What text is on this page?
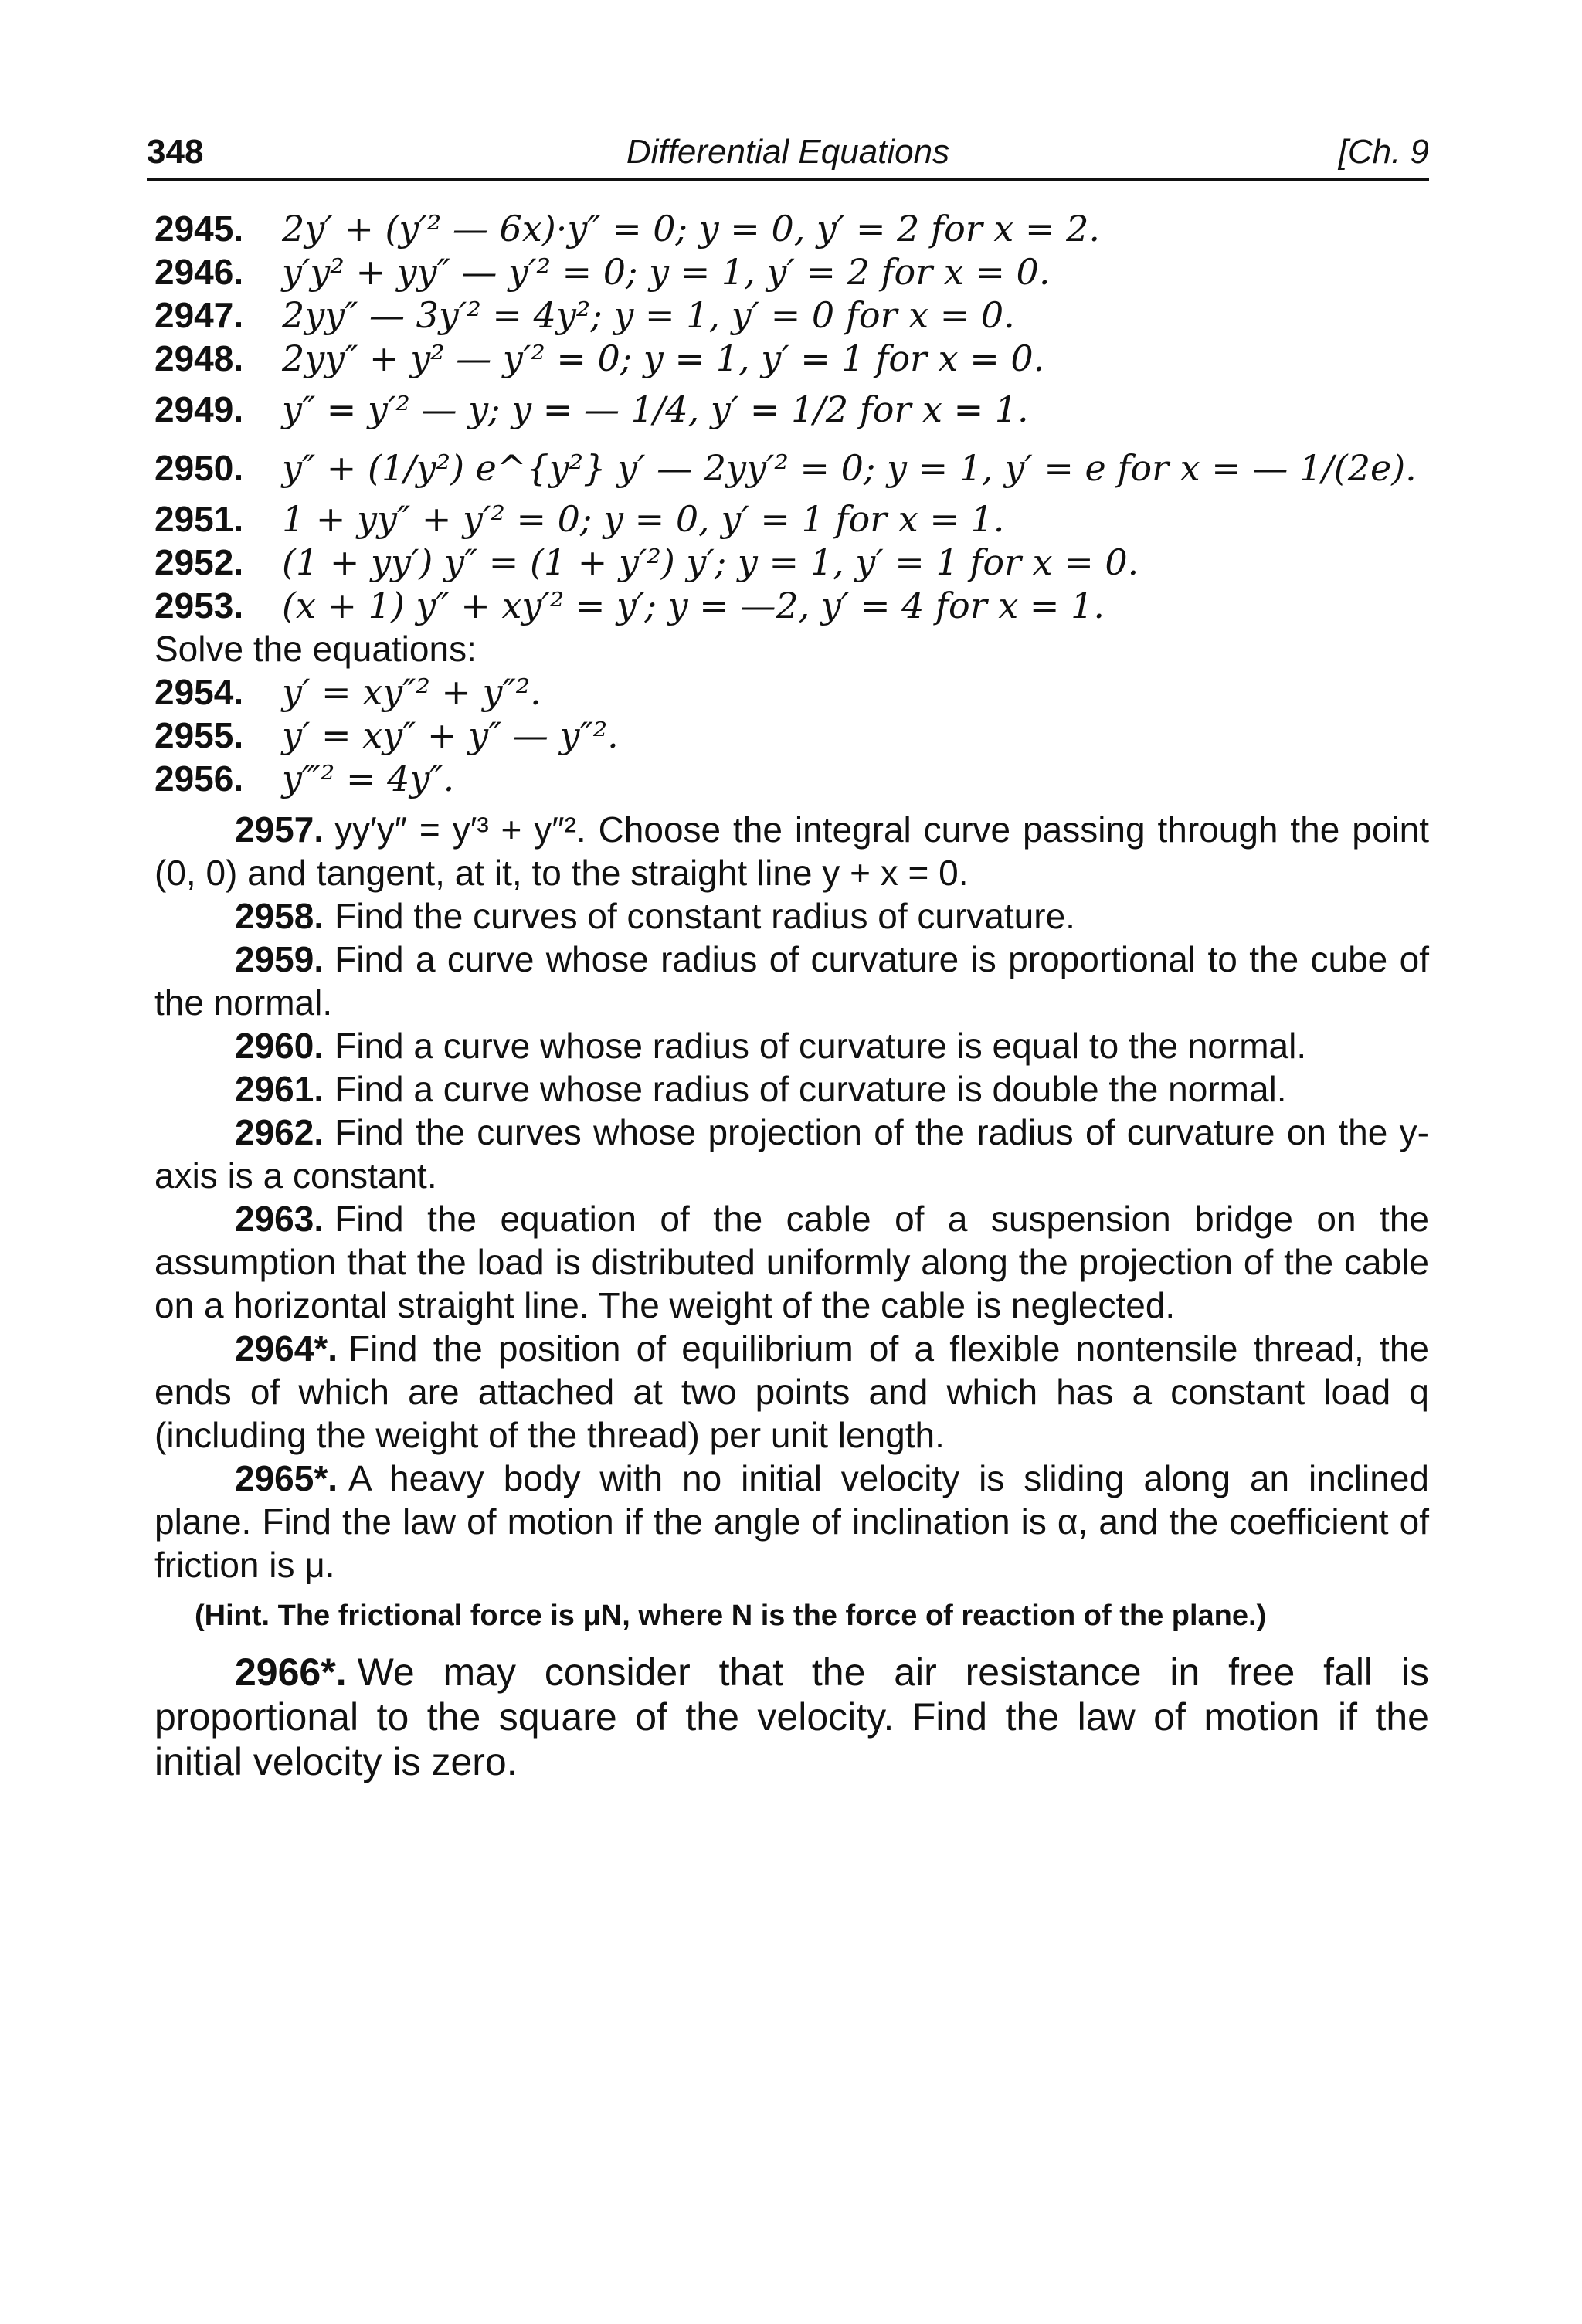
348	Differential Equations	[Ch. 9
2945. 2y′ + (y′² — 6x)·y″ = 0; y = 0, y′ = 2 for x = 2.
2946. y′y² + yy″ — y′² = 0; y = 1, y′ = 2 for x = 0.
2947. 2yy″ — 3y′² = 4y²; y = 1, y′ = 0 for x = 0.
2948. 2yy″ + y² — y′² = 0; y = 1, y′ = 1 for x = 0.
2949. y″ = y′² — y; y = — 1/4, y′ = 1/2 for x = 1.
2950. y″ + (1/y²) e^{y²} y′ — 2yy′² = 0; y = 1, y′ = e for x = — 1/(2e).
2951. 1 + yy″ + y′² = 0; y = 0, y′ = 1 for x = 1.
2952. (1 + yy′) y″ = (1 + y′²) y′; y = 1, y′ = 1 for x = 0.
2953. (x + 1) y″ + xy′² = y′; y = —2, y′ = 4 for x = 1.
Solve the equations:
2954. y′ = xy″² + y″².
2955. y′ = xy″ + y″ — y″².
2956. y‴² = 4y″.

2957. yy′y″ = y′³ + y″². Choose the integral curve passing through the point (0, 0) and tangent, at it, to the straight line y + x = 0.

2958. Find the curves of constant radius of curvature.

2959. Find a curve whose radius of curvature is proportional to the cube of the normal.

2960. Find a curve whose radius of curvature is equal to the normal.

2961. Find a curve whose radius of curvature is double the normal.

2962. Find the curves whose projection of the radius of curvature on the y-axis is a constant.

2963. Find the equation of the cable of a suspension bridge on the assumption that the load is distributed uniformly along the projection of the cable on a horizontal straight line. The weight of the cable is neglected.

2964*. Find the position of equilibrium of a flexible nontensile thread, the ends of which are attached at two points and which has a constant load q (including the weight of the thread) per unit length.

2965*. A heavy body with no initial velocity is sliding along an inclined plane. Find the law of motion if the angle of inclination is α, and the coefficient of friction is μ.

(Hint. The frictional force is μN, where N is the force of reaction of the plane.)

2966*. We may consider that the air resistance in free fall is proportional to the square of the velocity. Find the law of motion if the initial velocity is zero.
